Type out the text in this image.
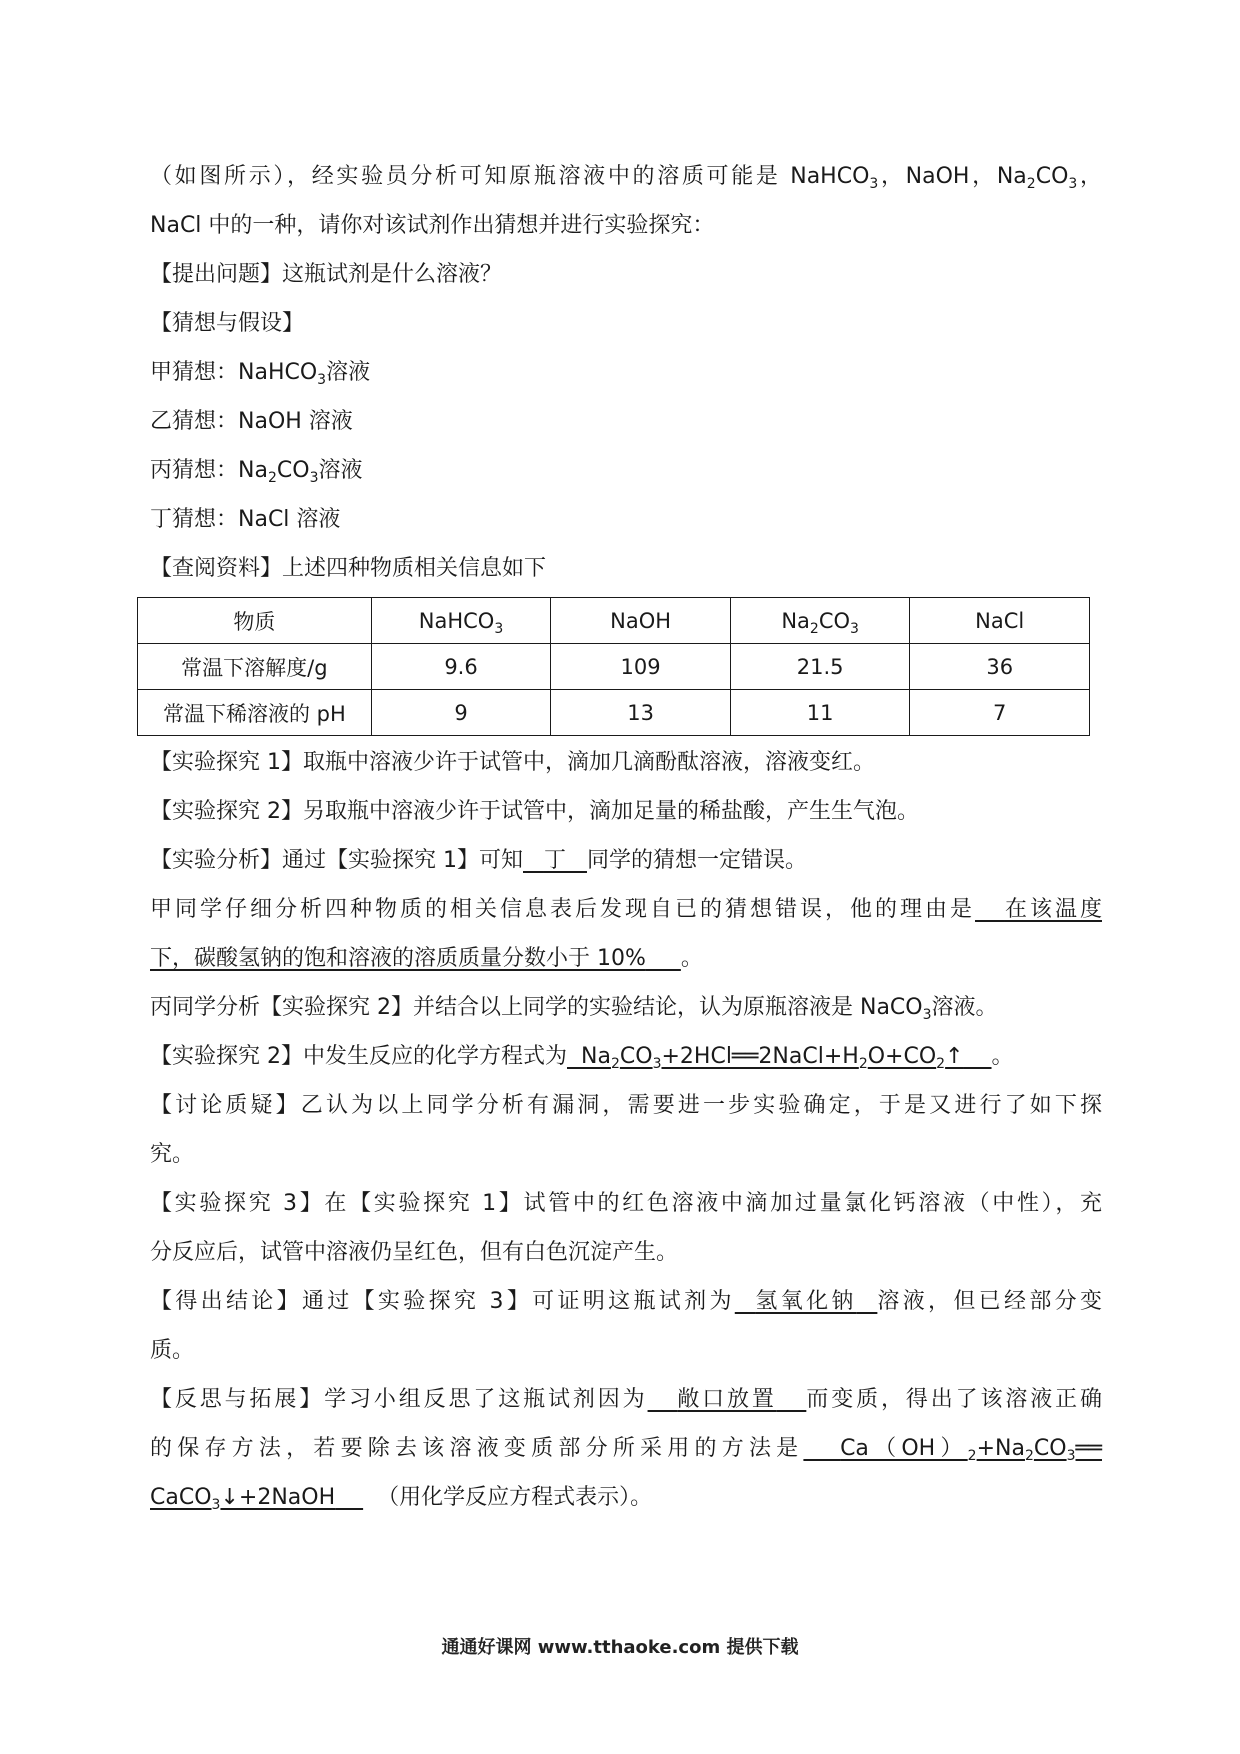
（如图所示），经实验员分析可知原瓶溶液中的溶质可能是 NaHCO$_3$，NaOH，$Na_2CO_3$，
NaCl 中的一种，请你对该试剂作出猜想并进行实验探究：
【提出问题】这瓶试剂是什么溶液？
【猜想与假设】
甲猜想：NaHCO$_3$溶液
乙猜想：NaOH 溶液
丙猜想：$Na_2CO_3$溶液
丁猜想：NaCl 溶液
【查阅资料】上述四种物质相关信息如下
物质	NaHCO$_3$	NaOH	$Na_2CO_3$	NaCl
常温下溶解度/g	9.6	109	21.5	36
常温下稀溶液的 pH	9	13	11	7
【实验探究 1】取瓶中溶液少许于试管中，滴加几滴酚酞溶液，溶液变红。
【实验探究 2】另取瓶中溶液少许于试管中，滴加足量的稀盐酸，产生生气泡。
【实验分析】通过【实验探究 1】可知 丁 同学的猜想一定错误。
甲同学仔细分析四种物质的相关信息表后发现自已的猜想错误，他的理由是 在该温度
下，碳酸氢钠的饱和溶液的溶质质量分数小于 10% 。
丙同学分析【实验探究 2】并结合以上同学的实验结论，认为原瓶溶液是 NaCO$_3$溶液。
【实验探究 2】中发生反应的化学方程式为 $Na_2CO_3+2HCl══2NaCl+H_2O+CO_2↑$ 。
【讨论质疑】乙认为以上同学分析有漏洞，需要进一步实验确定，于是又进行了如下探
究。
【实验探究 3】在【实验探究 1】试管中的红色溶液中滴加过量氯化钙溶液（中性），充
分反应后，试管中溶液仍呈红色，但有白色沉淀产生。
【得出结论】通过【实验探究 3】可证明这瓶试剂为 氢氧化钠 溶液，但已经部分变
质。
【反思与拓展】学习小组反思了这瓶试剂因为 敞口放置 而变质，得出了该溶液正确
的保存方法，若要除去该溶液变质部分所采用的方法是 $Ca(OH)_2+Na_2CO_3══$
CaCO$_3$↓+2NaOH （用化学反应方程式表示）。
通通好课网 www.tthaoke.com 提供下载
